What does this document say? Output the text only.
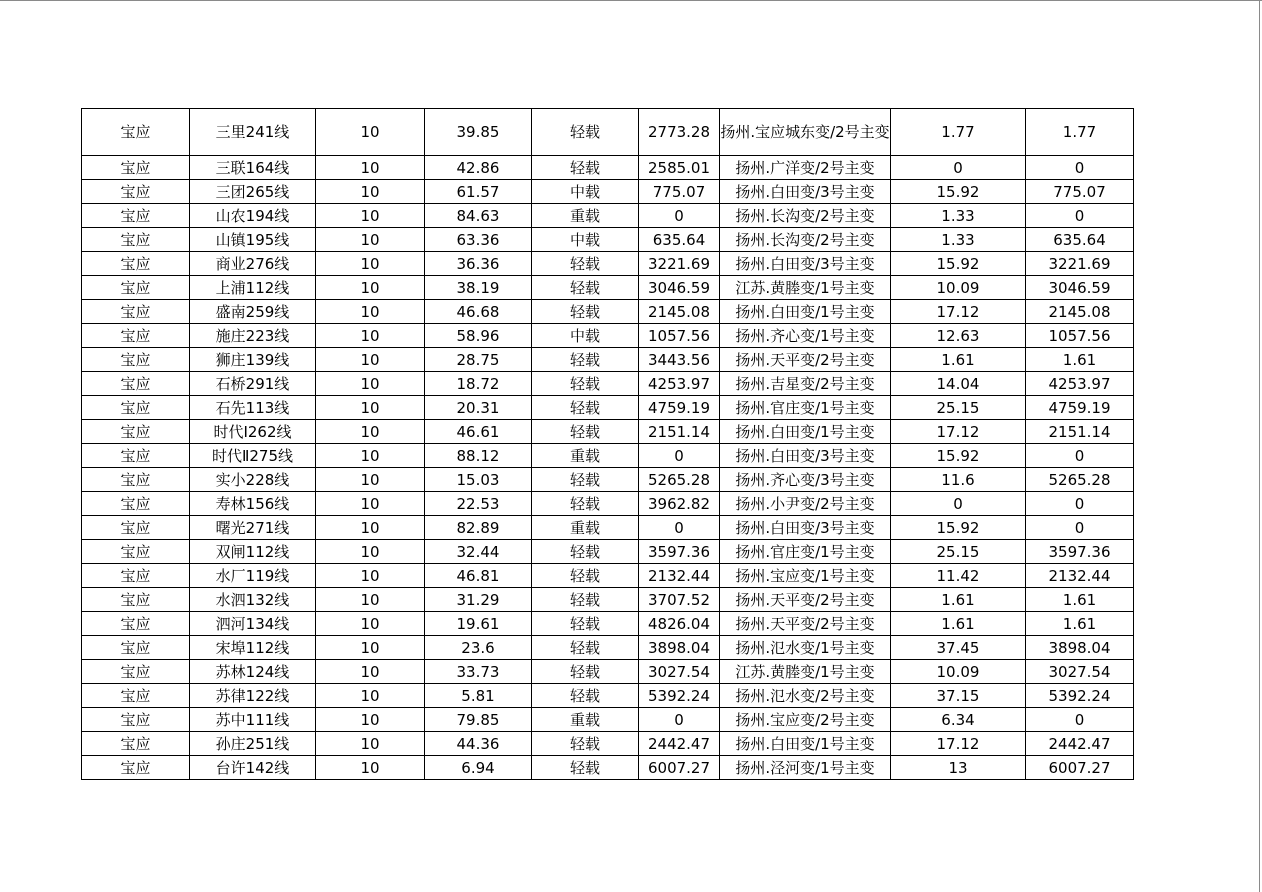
宝应	三里241线	10	39.85	轻载	2773.28	扬州.宝应城东变/2号主变	1.77	1.77
宝应	三联164线	10	42.86	轻载	2585.01	扬州.广洋变/2号主变	0	0
宝应	三团265线	10	61.57	中载	775.07	扬州.白田变/3号主变	15.92	775.07
宝应	山农194线	10	84.63	重载	0	扬州.长沟变/2号主变	1.33	0
宝应	山镇195线	10	63.36	中载	635.64	扬州.长沟变/2号主变	1.33	635.64
宝应	商业276线	10	36.36	轻载	3221.69	扬州.白田变/3号主变	15.92	3221.69
宝应	上浦112线	10	38.19	轻载	3046.59	江苏.黄塍变/1号主变	10.09	3046.59
宝应	盛南259线	10	46.68	轻载	2145.08	扬州.白田变/1号主变	17.12	2145.08
宝应	施庄223线	10	58.96	中载	1057.56	扬州.齐心变/1号主变	12.63	1057.56
宝应	狮庄139线	10	28.75	轻载	3443.56	扬州.天平变/2号主变	1.61	1.61
宝应	石桥291线	10	18.72	轻载	4253.97	扬州.吉星变/2号主变	14.04	4253.97
宝应	石先113线	10	20.31	轻载	4759.19	扬州.官庄变/1号主变	25.15	4759.19
宝应	时代Ⅰ262线	10	46.61	轻载	2151.14	扬州.白田变/1号主变	17.12	2151.14
宝应	时代Ⅱ275线	10	88.12	重载	0	扬州.白田变/3号主变	15.92	0
宝应	实小228线	10	15.03	轻载	5265.28	扬州.齐心变/3号主变	11.6	5265.28
宝应	寿林156线	10	22.53	轻载	3962.82	扬州.小尹变/2号主变	0	0
宝应	曙光271线	10	82.89	重载	0	扬州.白田变/3号主变	15.92	0
宝应	双闸112线	10	32.44	轻载	3597.36	扬州.官庄变/1号主变	25.15	3597.36
宝应	水厂119线	10	46.81	轻载	2132.44	扬州.宝应变/1号主变	11.42	2132.44
宝应	水泗132线	10	31.29	轻载	3707.52	扬州.天平变/2号主变	1.61	1.61
宝应	泗河134线	10	19.61	轻载	4826.04	扬州.天平变/2号主变	1.61	1.61
宝应	宋埠112线	10	23.6	轻载	3898.04	扬州.氾水变/1号主变	37.45	3898.04
宝应	苏林124线	10	33.73	轻载	3027.54	江苏.黄塍变/1号主变	10.09	3027.54
宝应	苏律122线	10	5.81	轻载	5392.24	扬州.氾水变/2号主变	37.15	5392.24
宝应	苏中111线	10	79.85	重载	0	扬州.宝应变/2号主变	6.34	0
宝应	孙庄251线	10	44.36	轻载	2442.47	扬州.白田变/1号主变	17.12	2442.47
宝应	台许142线	10	6.94	轻载	6007.27	扬州.泾河变/1号主变	13	6007.27
